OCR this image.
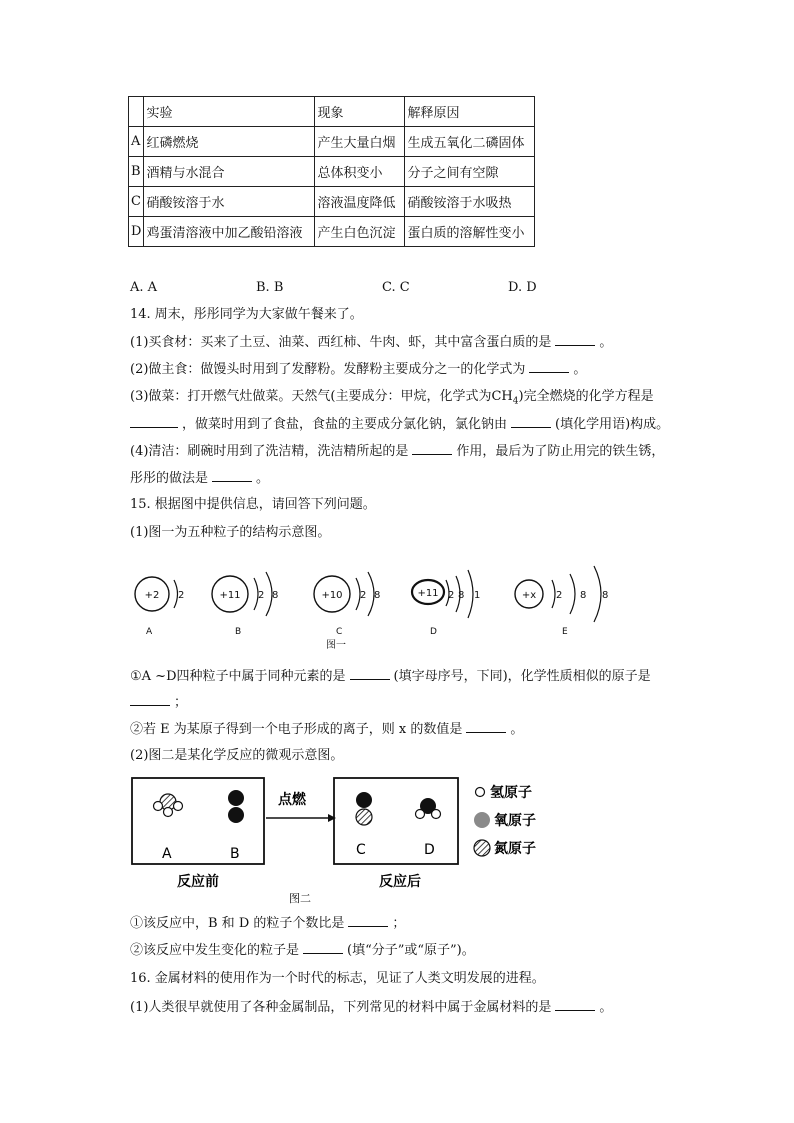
	实验	现象	解释原因
A	红磷燃烧	产生大量白烟	生成五氧化二磷固体
B	酒精与水混合	总体积变小	分子之间有空隙
C	硝酸铵溶于水	溶液温度降低	硝酸铵溶于水吸热
D	鸡蛋清溶液中加乙酸铅溶液	产生白色沉淀	蛋白质的溶解性变小
A. A	B. B	C. C	D. D
14. 周末，彤彤同学为大家做午餐来了。
(1)买食材：买来了土豆、油菜、西红柿、牛肉、虾，其中富含蛋白质的是	。
(2)做主食：做馒头时用到了发酵粉。发酵粉主要成分之一的化学式为	。
(3)做菜：打开燃气灶做菜。天然气(主要成分：甲烷，化学式为$CH_4$)完全燃烧的化学方程是
，做菜时用到了食盐，食盐的主要成分氯化钠，氯化钠由	(填化学用语)构成。
(4)清洁：刷碗时用到了洗洁精，洗洁精所起的是	作用，最后为了防止用完的铁生锈，
彤彤的做法是	。
15. 根据图中提供信息，请回答下列问题。
(1)图一为五种粒子的结构示意图。
+2 2
A
+11 2 8
B
+10 2 8
C
+11 2 8 1
D
+x 2 8 8
E
图一
①A ~D四种粒子中属于同种元素的是	(填字母序号，下同)，化学性质相似的原子是
；
②若 E 为某原子得到一个电子形成的离子，则 x 的数值是	。
(2)图二是某化学反应的微观示意图。
A	B
点燃
C	D
氢原子
氧原子
氮原子
反应前	反应后
图二
①该反应中，B 和 D 的粒子个数比是	；
②该反应中发生变化的粒子是	(填“分子”或“原子”)。
16. 金属材料的使用作为一个时代的标志，见证了人类文明发展的进程。
(1)人类很早就使用了各种金属制品，下列常见的材料中属于金属材料的是	。
